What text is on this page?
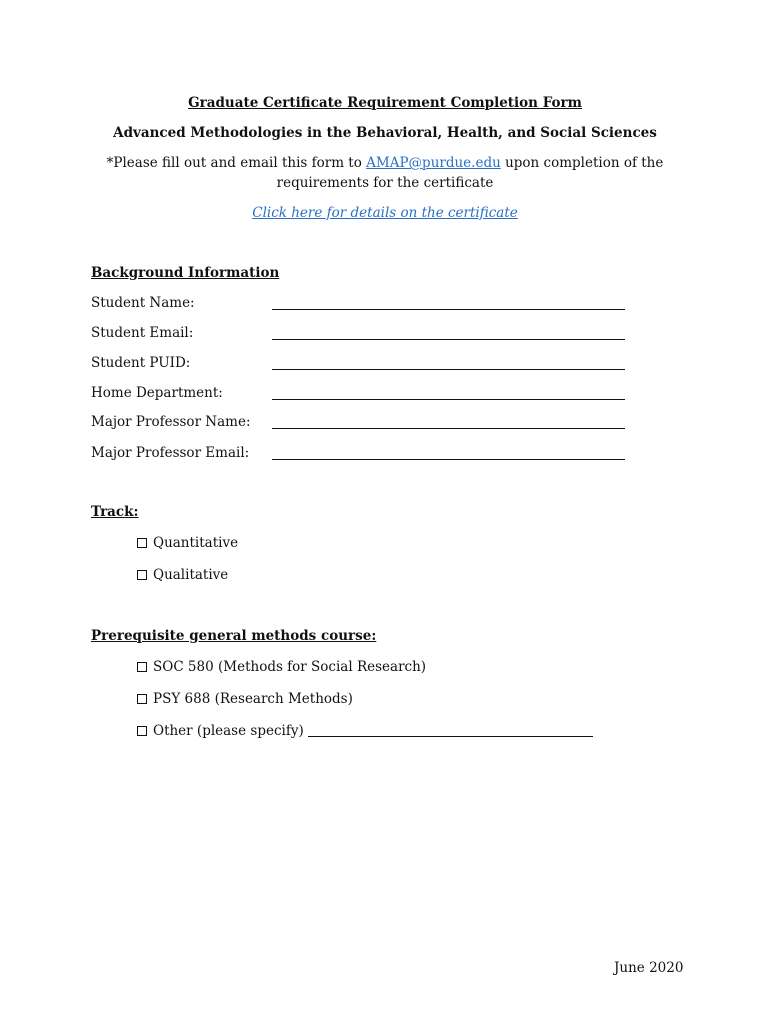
Graduate Certificate Requirement Completion Form
Advanced Methodologies in the Behavioral, Health, and Social Sciences
*Please fill out and email this form to AMAP@purdue.edu upon completion of the
requirements for the certificate
Click here for details on the certificate
Background Information
Student Name:
Student Email:
Student PUID:
Home Department:
Major Professor Name:
Major Professor Email:
Track:
Quantitative
Qualitative
Prerequisite general methods course:
SOC 580 (Methods for Social Research)
PSY 688 (Research Methods)
Other (please specify)
June 2020
